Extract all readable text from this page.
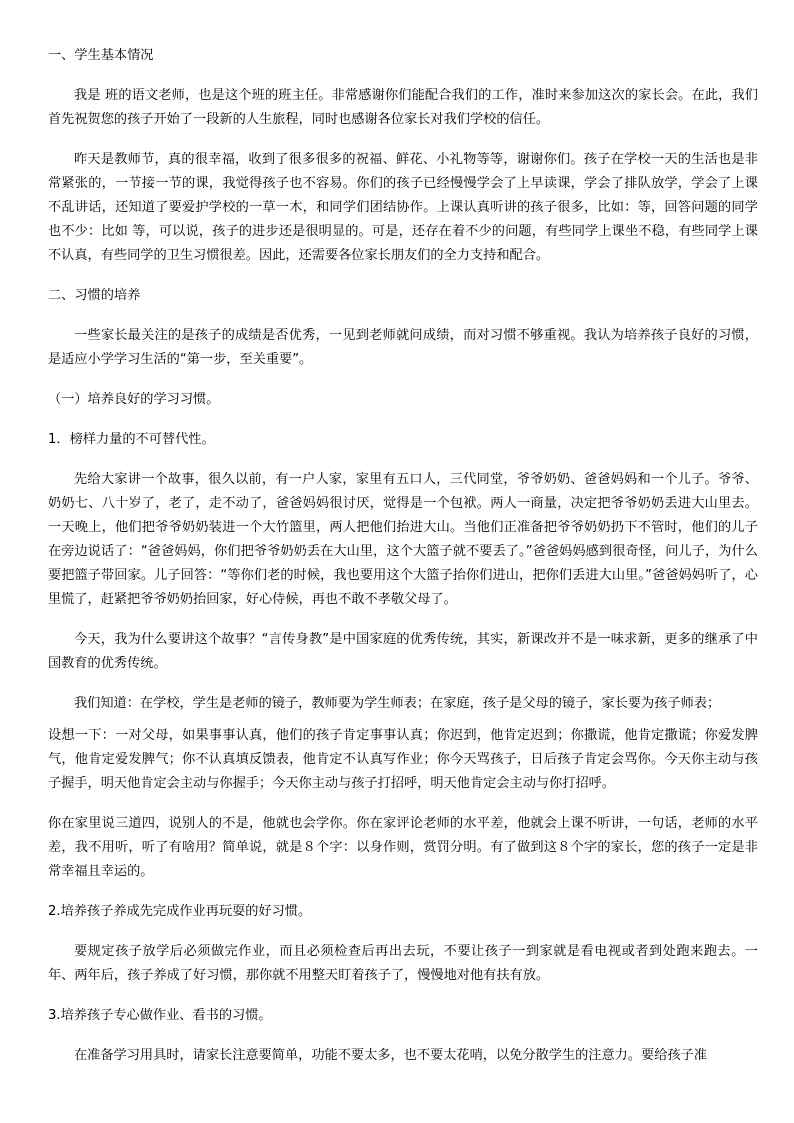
一、学生基本情况

我是 班的语文老师，也是这个班的班主任。非常感谢你们能配合我们的工作，准时来参加这次的家长会。在此，我们首先祝贺您的孩子开始了一段新的人生旅程，同时也感谢各位家长对我们学校的信任。

昨天是教师节，真的很幸福，收到了很多很多的祝福、鲜花、小礼物等等，谢谢你们。孩子在学校一天的生活也是非常紧张的，一节接一节的课，我觉得孩子也不容易。你们的孩子已经慢慢学会了上早读课，学会了排队放学，学会了上课不乱讲话，还知道了要爱护学校的一草一木，和同学们团结协作。上课认真听讲的孩子很多，比如：等，回答问题的同学也不少：比如 等，可以说，孩子的进步还是很明显的。可是，还存在着不少的问题，有些同学上课坐不稳，有些同学上课不认真，有些同学的卫生习惯很差。因此，还需要各位家长朋友们的全力支持和配合。

二、习惯的培养

一些家长最关注的是孩子的成绩是否优秀，一见到老师就问成绩，而对习惯不够重视。我认为培养孩子良好的习惯，是适应小学学习生活的“第一步，至关重要”。

（一）培养良好的学习习惯。
1．榜样力量的不可替代性。

先给大家讲一个故事，很久以前，有一户人家，家里有五口人，三代同堂，爷爷奶奶、爸爸妈妈和一个儿子。爷爷、奶奶七、八十岁了，老了，走不动了，爸爸妈妈很讨厌，觉得是一个包袱。两人一商量，决定把爷爷奶奶丢进大山里去。一天晚上，他们把爷爷奶奶装进一个大竹篮里，两人把他们抬进大山。当他们正准备把爷爷奶奶扔下不管时，他们的儿子在旁边说话了：“爸爸妈妈，你们把爷爷奶奶丢在大山里，这个大篮子就不要丢了。”爸爸妈妈感到很奇怪，问儿子，为什么要把篮子带回家。儿子回答：“等你们老的时候，我也要用这个大篮子抬你们进山，把你们丢进大山里。”爸爸妈妈听了，心里慌了，赶紧把爷爷奶奶抬回家，好心侍候，再也不敢不孝敬父母了。

今天，我为什么要讲这个故事？“言传身教”是中国家庭的优秀传统，其实，新课改并不是一味求新，更多的继承了中国教育的优秀传统。

我们知道：在学校，学生是老师的镜子，教师要为学生师表；在家庭，孩子是父母的镜子，家长要为孩子师表；

设想一下：一对父母，如果事事认真，他们的孩子肯定事事认真；你迟到，他肯定迟到；你撒谎，他肯定撒谎；你爱发脾气，他肯定爱发脾气；你不认真填反馈表，他肯定不认真写作业；你今天骂孩子，日后孩子肯定会骂你。今天你主动与孩子握手，明天他肯定会主动与你握手；今天你主动与孩子打招呼，明天他肯定会主动与你打招呼。

你在家里说三道四，说别人的不是，他就也会学你。你在家评论老师的水平差，他就会上课不听讲，一句话，老师的水平差，我不用听，听了有啥用？简单说，就是８个字：以身作则，赏罚分明。有了做到这８个字的家长，您的孩子一定是非常幸福且幸运的。

2.培养孩子养成先完成作业再玩耍的好习惯。

要规定孩子放学后必须做完作业，而且必须检查后再出去玩，不要让孩子一到家就是看电视或者到处跑来跑去。一年、两年后，孩子养成了好习惯，那你就不用整天盯着孩子了，慢慢地对他有扶有放。

3.培养孩子专心做作业、看书的习惯。

在准备学习用具时，请家长注意要简单，功能不要太多，也不要太花哨，以免分散学生的注意力。要给孩子准
